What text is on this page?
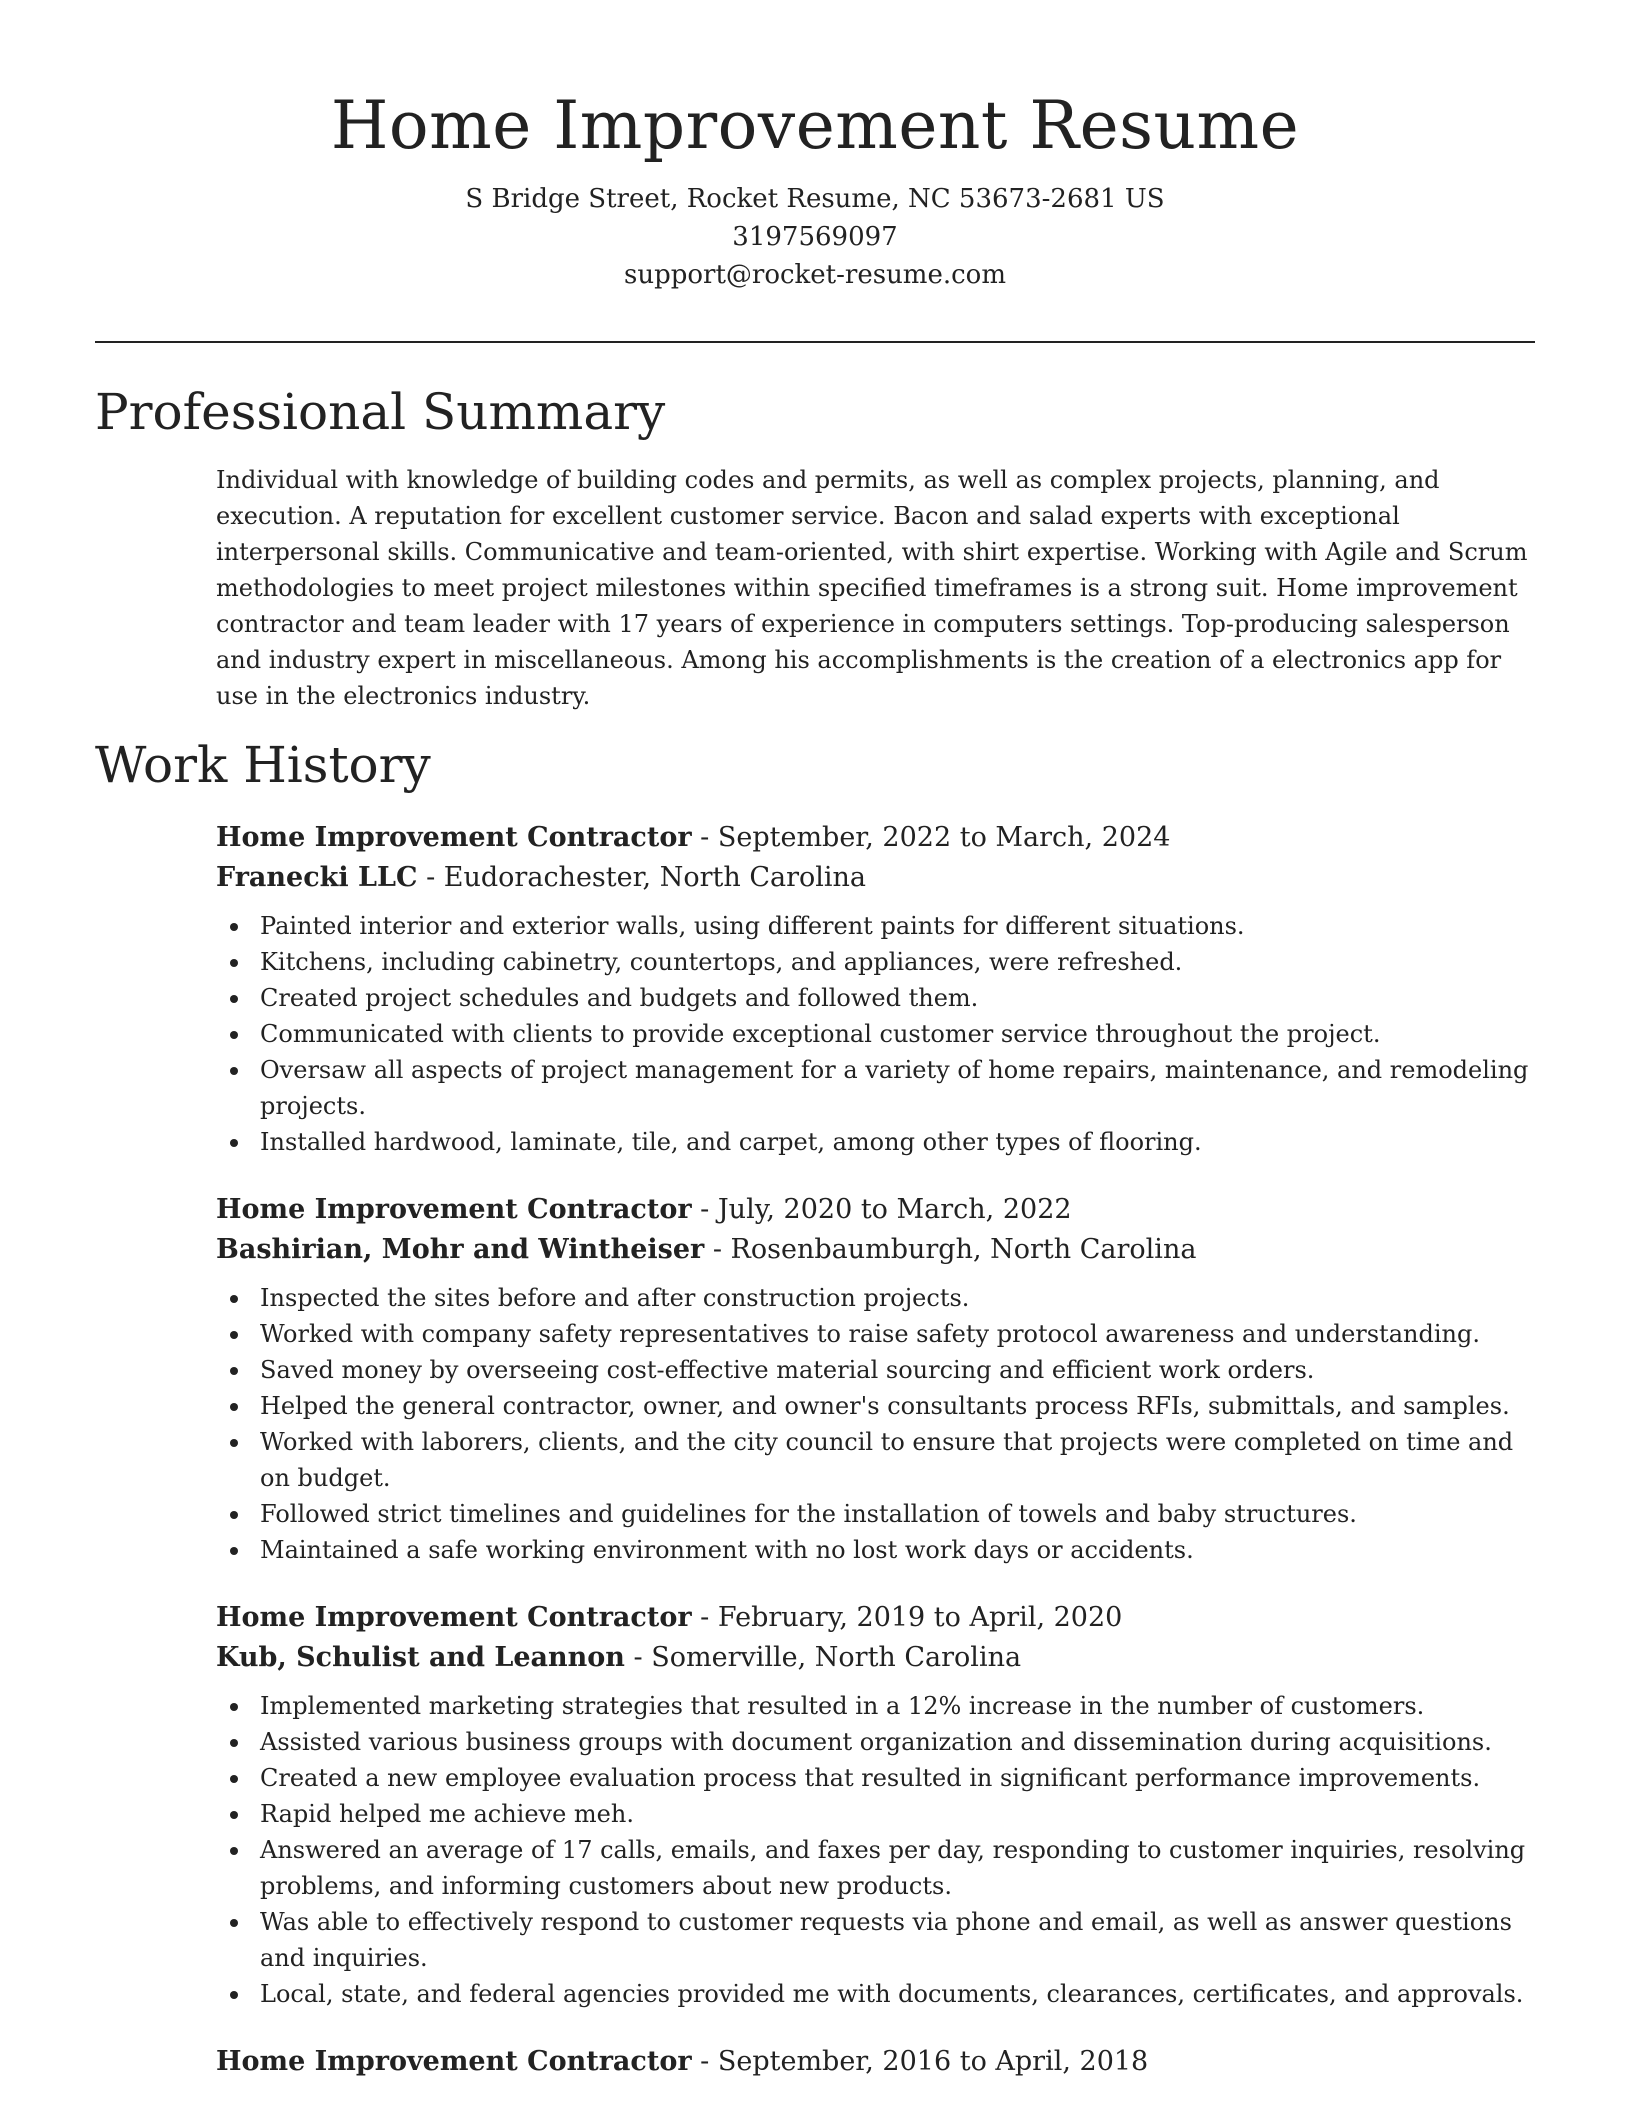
Home Improvement Resume

S Bridge Street, Rocket Resume, NC 53673-2681 US

3197569097

support@rocket-resume.com

Professional Summary

Individual with knowledge of building codes and permits, as well as complex projects, planning, and execution. A reputation for excellent customer service. Bacon and salad experts with exceptional interpersonal skills. Communicative and team-oriented, with shirt expertise. Working with Agile and Scrum methodologies to meet project milestones within specified timeframes is a strong suit. Home improvement contractor and team leader with 17 years of experience in computers settings. Top-producing salesperson and industry expert in miscellaneous. Among his accomplishments is the creation of a electronics app for use in the electronics industry.

Work History

Home Improvement Contractor - September, 2022 to March, 2024

Franecki LLC - Eudorachester, North Carolina

Painted interior and exterior walls, using different paints for different situations.
Kitchens, including cabinetry, countertops, and appliances, were refreshed.
Created project schedules and budgets and followed them.
Communicated with clients to provide exceptional customer service throughout the project.
Oversaw all aspects of project management for a variety of home repairs, maintenance, and remodeling projects.
Installed hardwood, laminate, tile, and carpet, among other types of flooring.

Home Improvement Contractor - July, 2020 to March, 2022

Bashirian, Mohr and Wintheiser - Rosenbaumburgh, North Carolina

Inspected the sites before and after construction projects.
Worked with company safety representatives to raise safety protocol awareness and understanding.
Saved money by overseeing cost-effective material sourcing and efficient work orders.
Helped the general contractor, owner, and owner's consultants process RFIs, submittals, and samples.
Worked with laborers, clients, and the city council to ensure that projects were completed on time and on budget.
Followed strict timelines and guidelines for the installation of towels and baby structures.
Maintained a safe working environment with no lost work days or accidents.

Home Improvement Contractor - February, 2019 to April, 2020

Kub, Schulist and Leannon - Somerville, North Carolina

Implemented marketing strategies that resulted in a 12% increase in the number of customers.
Assisted various business groups with document organization and dissemination during acquisitions.
Created a new employee evaluation process that resulted in significant performance improvements.
Rapid helped me achieve meh.
Answered an average of 17 calls, emails, and faxes per day, responding to customer inquiries, resolving problems, and informing customers about new products.
Was able to effectively respond to customer requests via phone and email, as well as answer questions and inquiries.
Local, state, and federal agencies provided me with documents, clearances, certificates, and approvals.

Home Improvement Contractor - September, 2016 to April, 2018
